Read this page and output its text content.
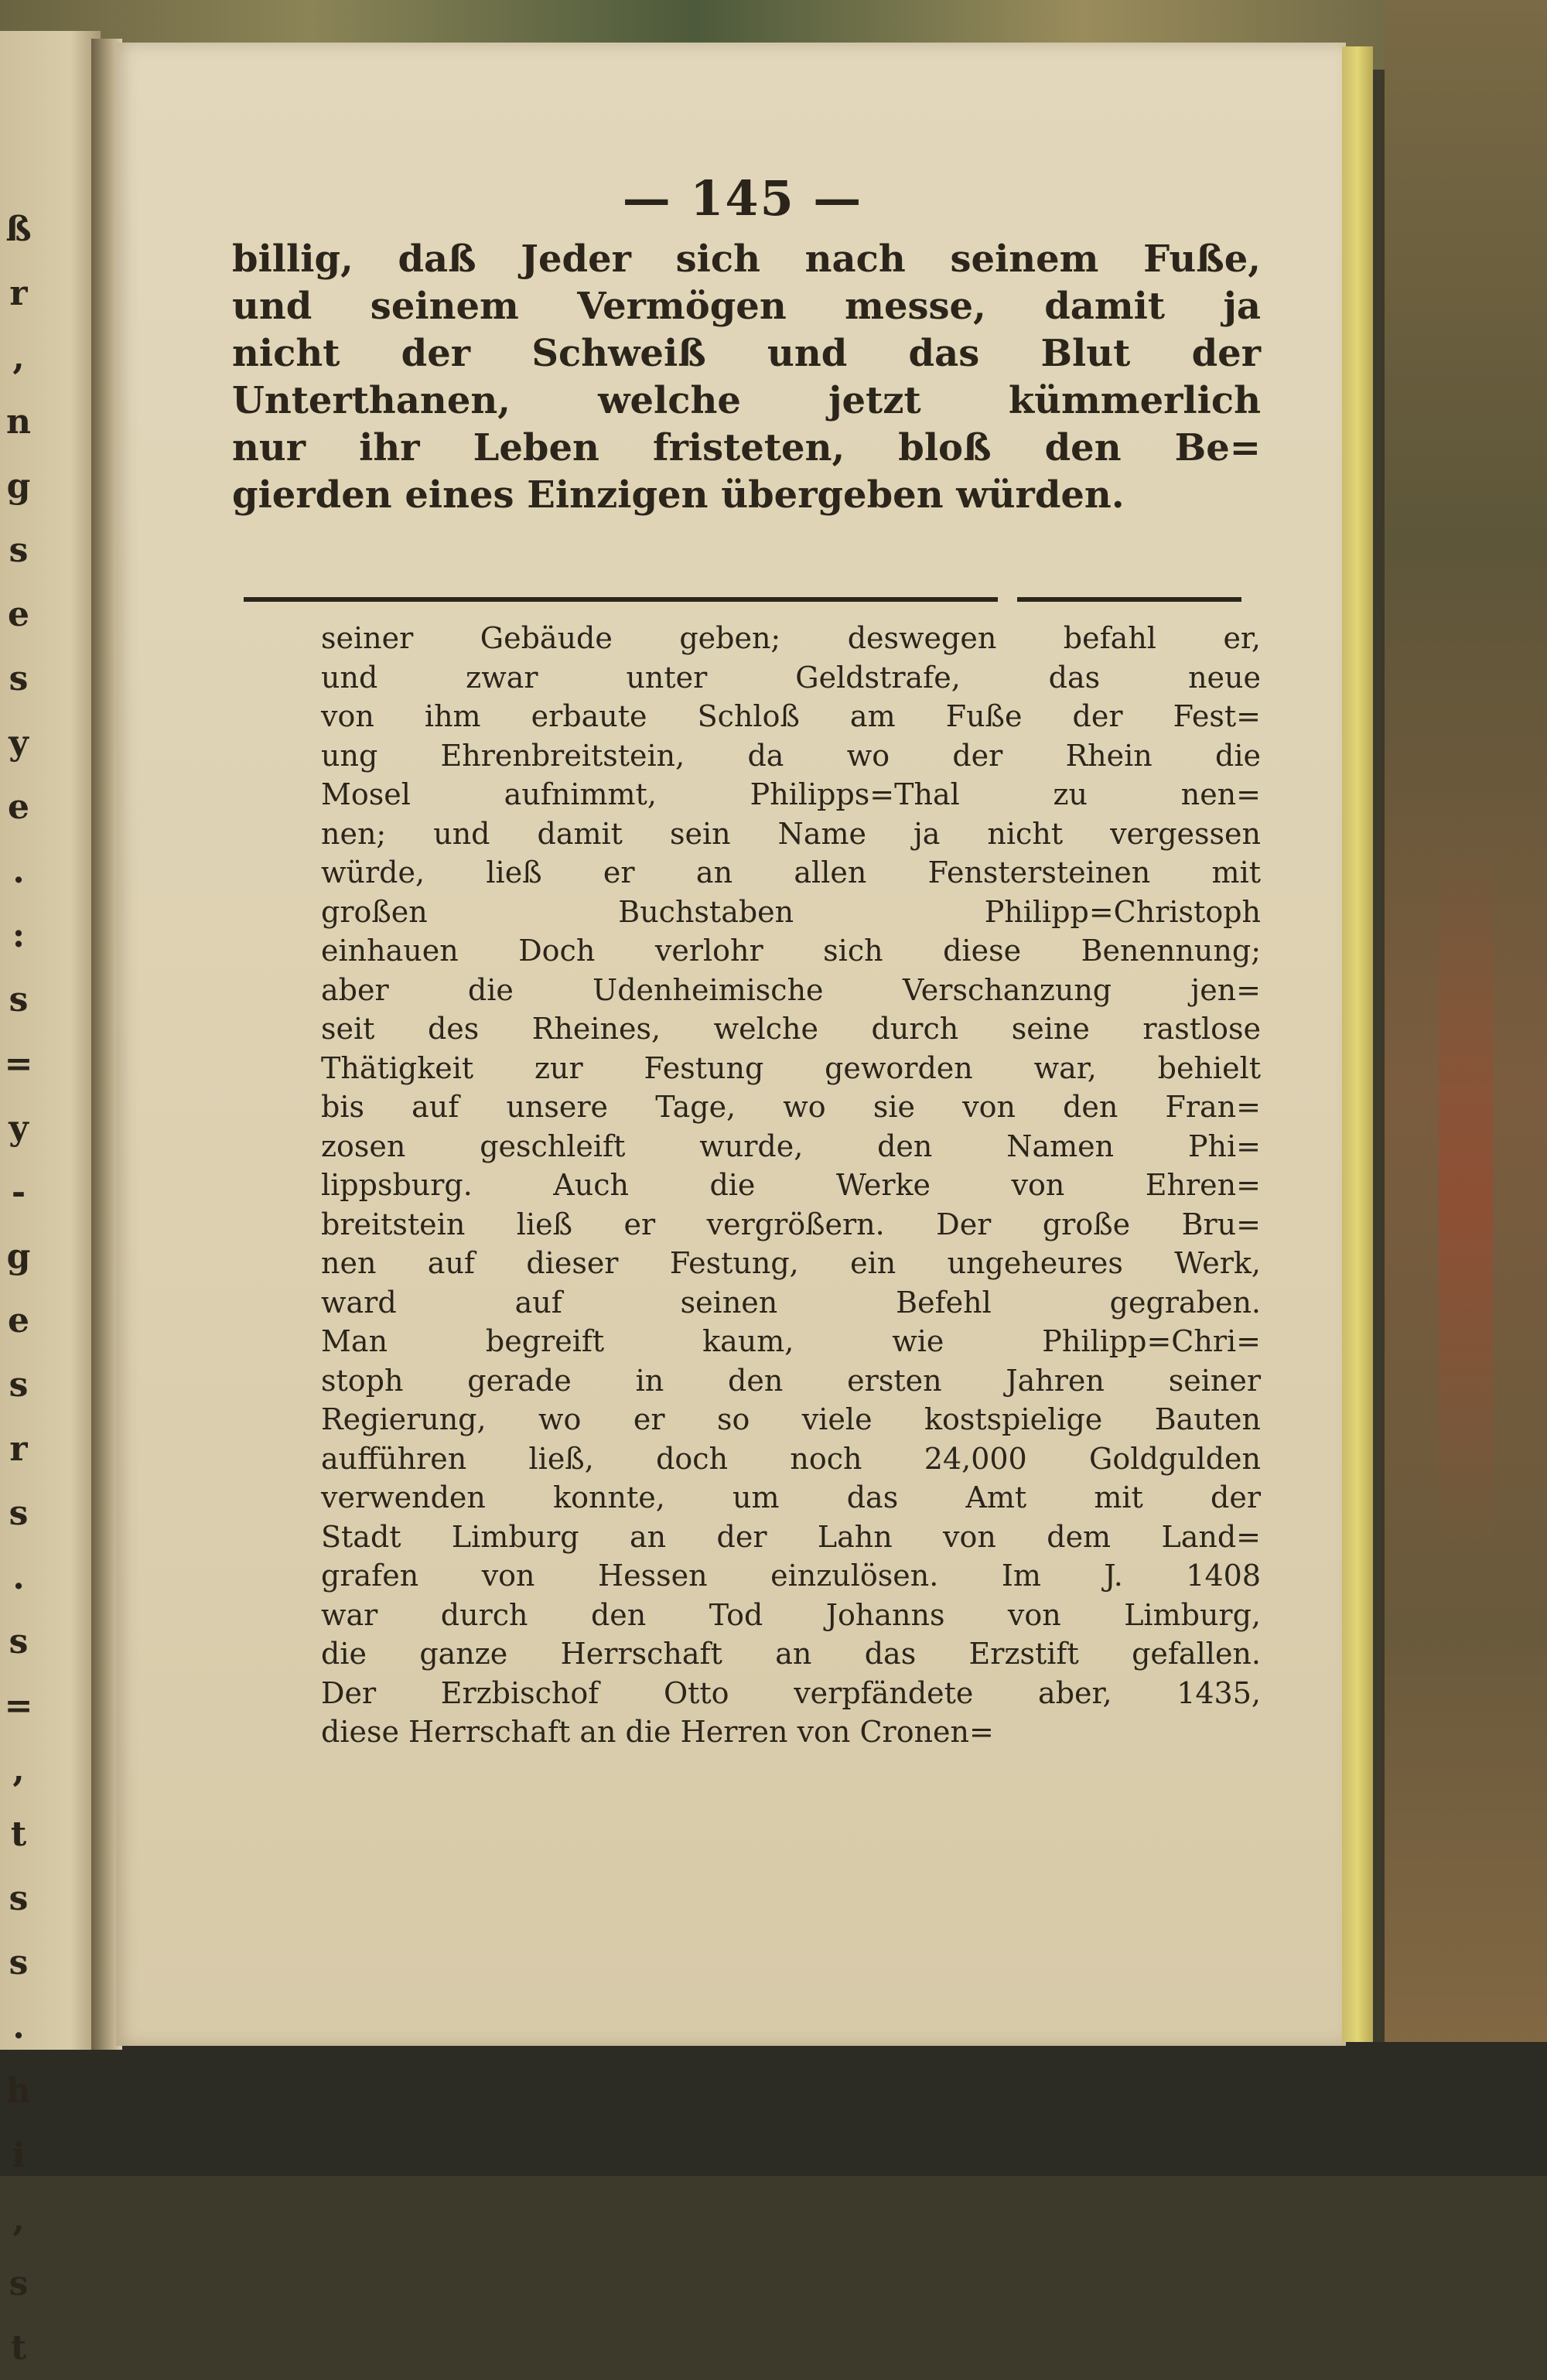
ß
r
,
n
g
s
e
s
y
e
.
:
s
=
y
-
g
e
s
r
s
.
s
=
,
t
s
s
.
h
i
,
s
t
— 145 —
billig, daß Jeder sich nach seinem Fuße,
und seinem Vermögen messe, damit ja
nicht der Schweiß und das Blut der
Unterthanen, welche jetzt kümmerlich
nur ihr Leben fristeten, bloß den Be=
gierden eines Einzigen übergeben würden.
seiner Gebäude geben; deswegen befahl er,
und zwar unter Geldstrafe, das neue
von ihm erbaute Schloß am Fuße der Fest=
ung Ehrenbreitstein, da wo der Rhein die
Mosel aufnimmt, Philipps=Thal zu nen=
nen; und damit sein Name ja nicht vergessen
würde, ließ er an allen Fenstersteinen mit
großen Buchstaben Philipp=Christoph
einhauen Doch verlohr sich diese Benennung;
aber die Udenheimische Verschanzung jen=
seit des Rheines, welche durch seine rastlose
Thätigkeit zur Festung geworden war, behielt
bis auf unsere Tage, wo sie von den Fran=
zosen geschleift wurde, den Namen Phi=
lippsburg. Auch die Werke von Ehren=
breitstein ließ er vergrößern. Der große Bru=
nen auf dieser Festung, ein ungeheures Werk,
ward auf seinen Befehl gegraben.
Man begreift kaum, wie Philipp=Chri=
stoph gerade in den ersten Jahren seiner
Regierung, wo er so viele kostspielige Bauten
aufführen ließ, doch noch 24,000 Goldgulden
verwenden konnte, um das Amt mit der
Stadt Limburg an der Lahn von dem Land=
grafen von Hessen einzulösen. Im J. 1408
war durch den Tod Johanns von Limburg,
die ganze Herrschaft an das Erzstift gefallen.
Der Erzbischof Otto verpfändete aber, 1435,
diese Herrschaft an die Herren von Cronen=
